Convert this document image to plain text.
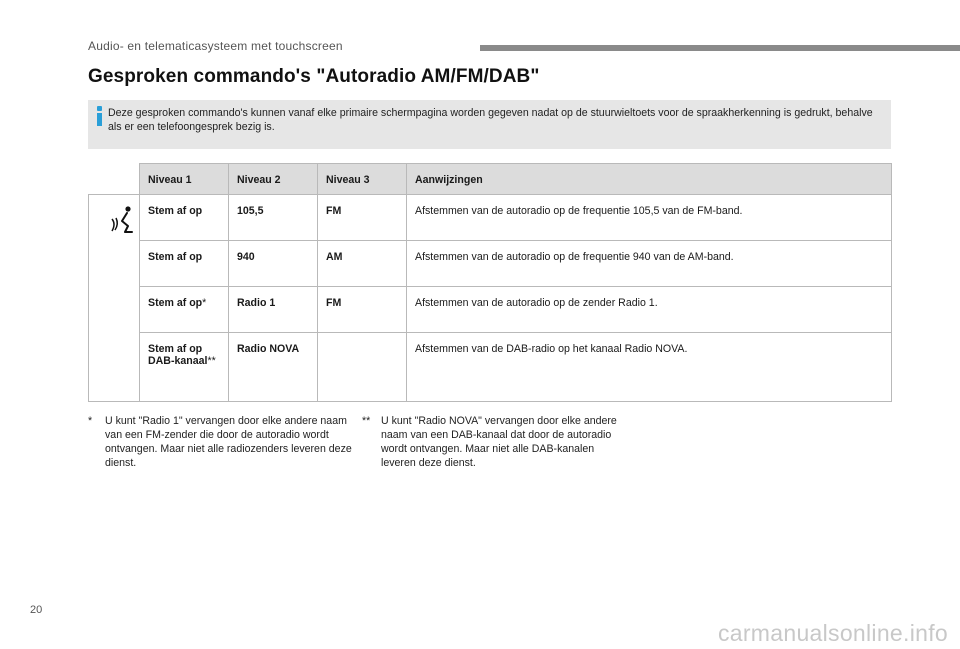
Audio- en telematicasysteem met touchscreen
Gesproken commando's "Autoradio AM/FM/DAB"
Deze gesproken commando's kunnen vanaf elke primaire schermpagina worden gegeven nadat op de stuurwieltoets voor de spraakherkenning is gedrukt, behalve als er een telefoongesprek bezig is.
	Niveau 1	Niveau 2	Niveau 3	Aanwijzingen

	Stem af op	105,5	FM	Afstemmen van de autoradio op de frequentie 105,5 van de FM-band.
	Stem af op	940	AM	Afstemmen van de autoradio op de frequentie 940 van de AM-band.
	Stem af op*	Radio 1	FM	Afstemmen van de autoradio op de zender Radio 1.
	Stem af op
DAB-kanaal**	Radio NOVA		Afstemmen van de DAB-radio op het kanaal Radio NOVA.
* U kunt "Radio 1" vervangen door elke andere naam van een FM-zender die door de autoradio wordt ontvangen. Maar niet alle radiozenders leveren deze dienst.
** U kunt "Radio NOVA" vervangen door elke andere naam van een DAB-kanaal dat door de autoradio wordt ontvangen. Maar niet alle DAB-kanalen leveren deze dienst.
20
carmanualsonline.info
